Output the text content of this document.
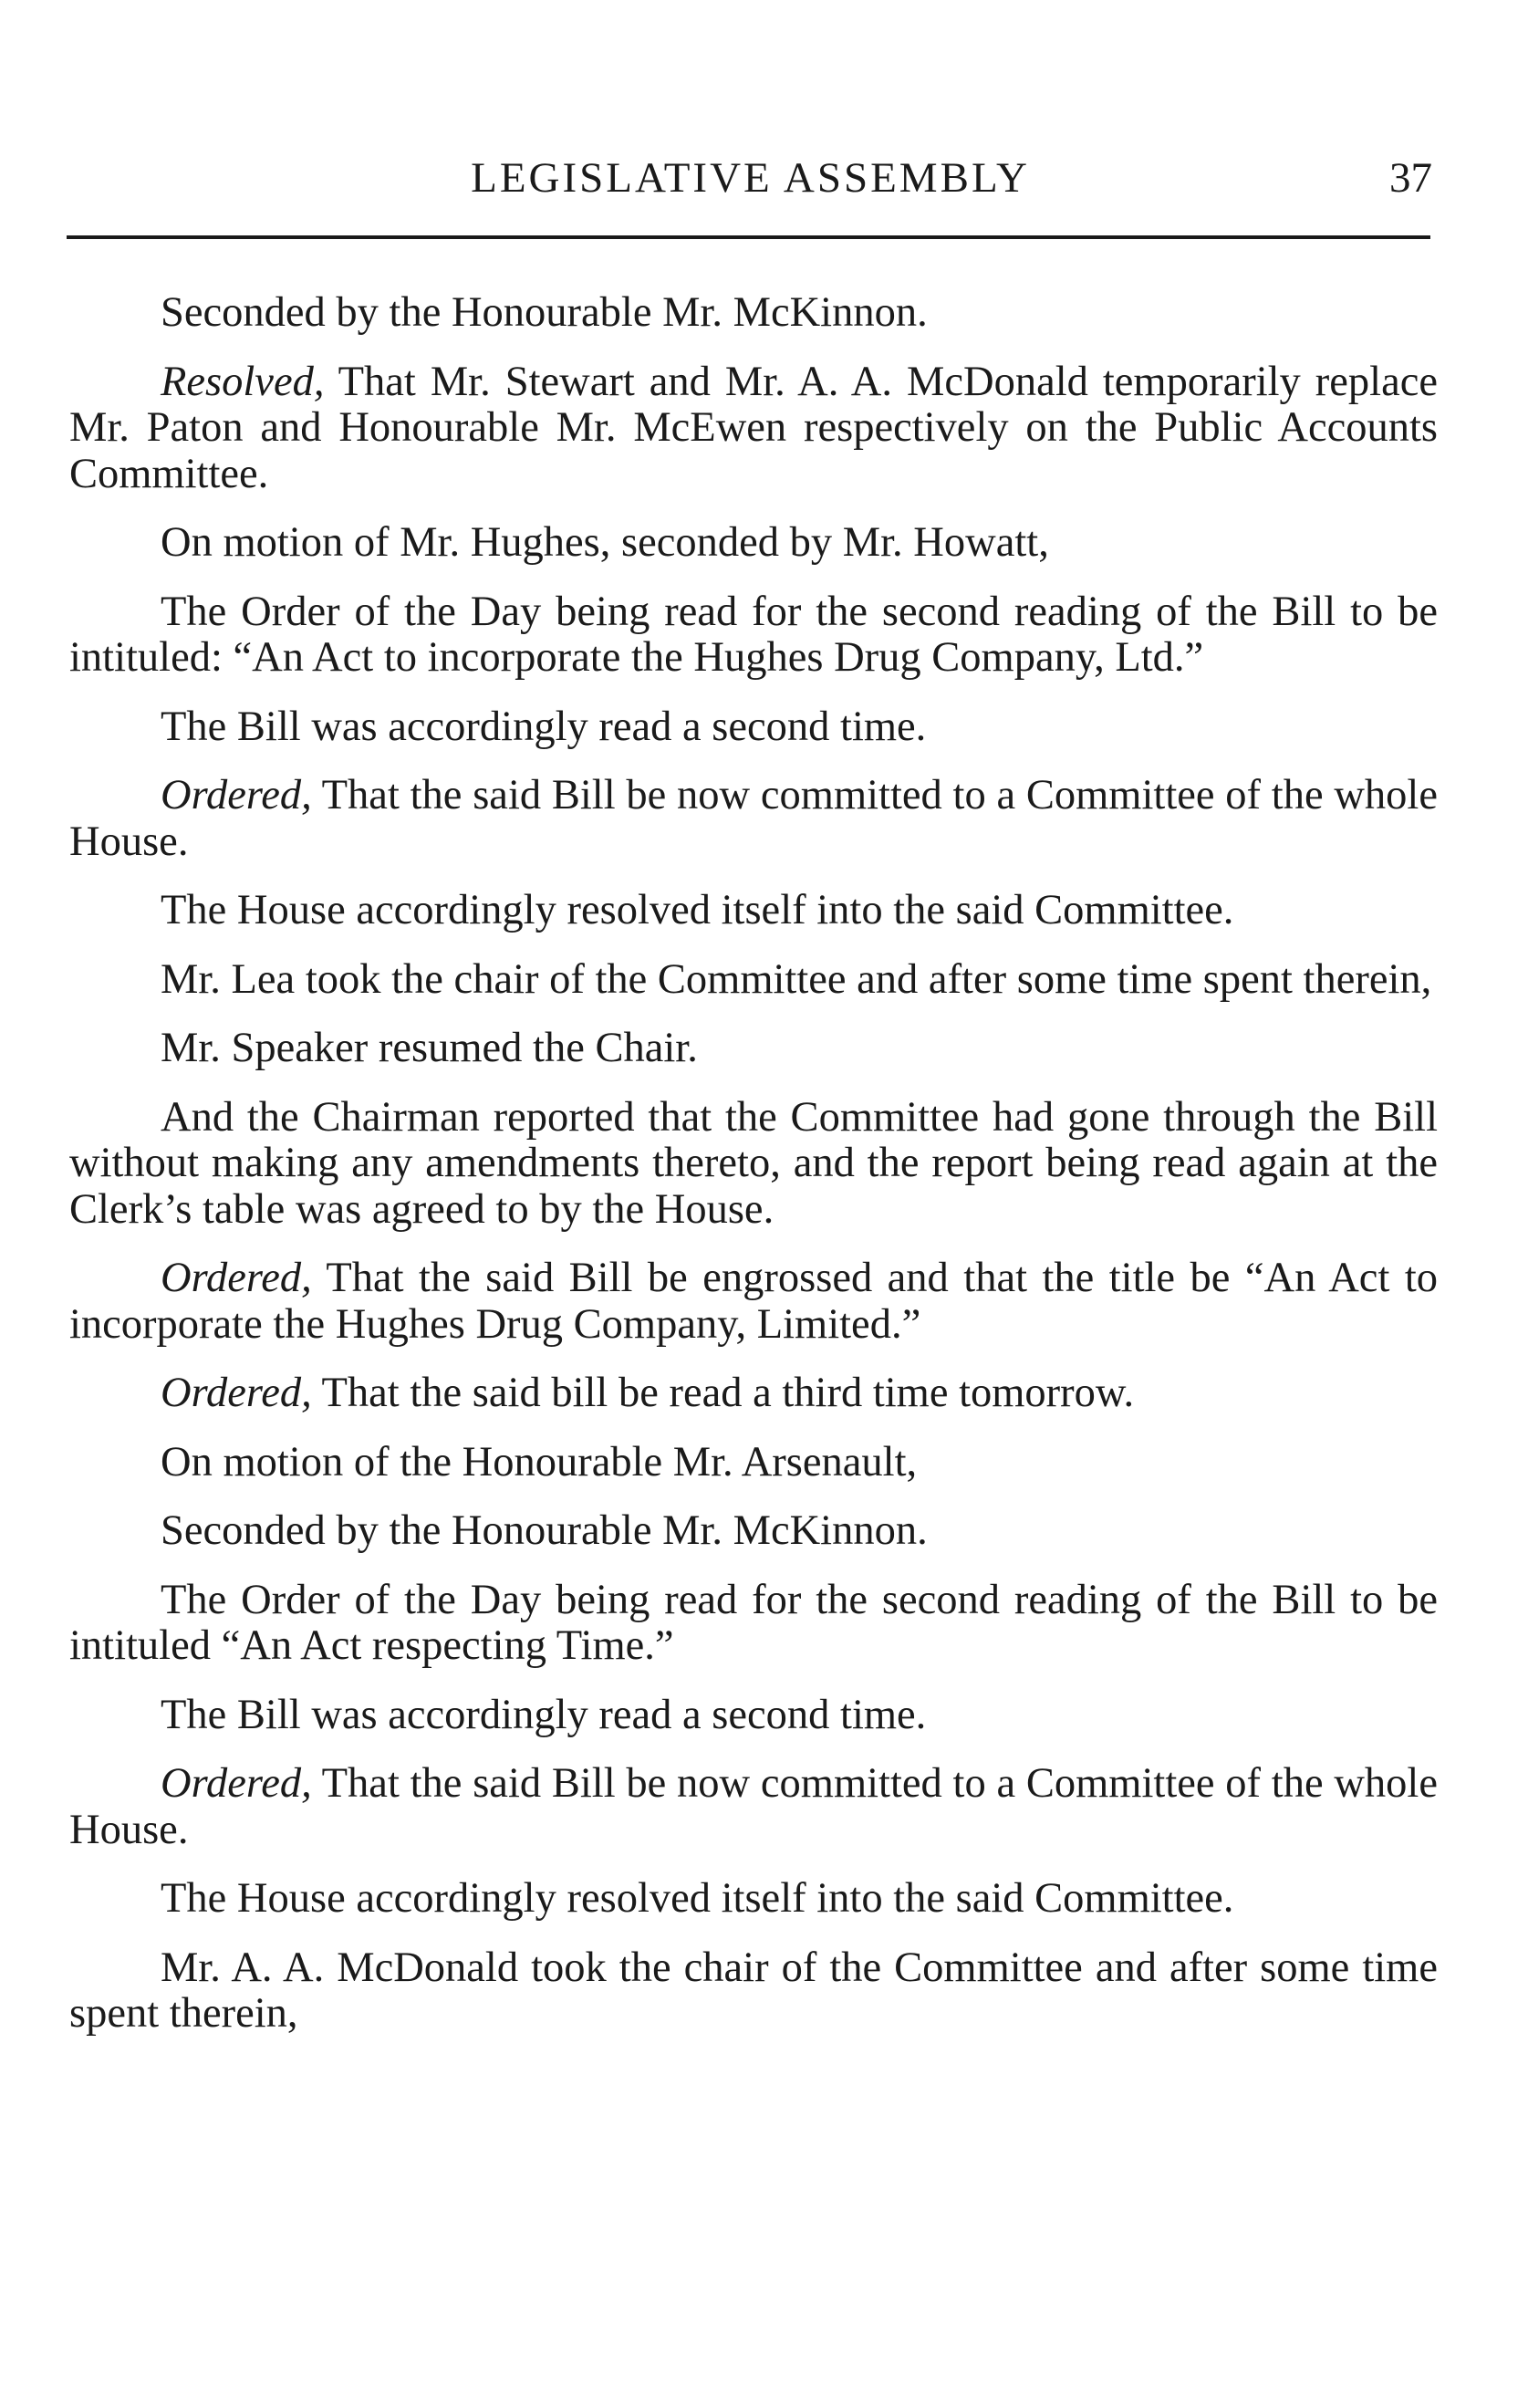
LEGISLATIVE ASSEMBLY	37

Seconded by the Honourable Mr. McKinnon.

Resolved, That Mr. Stewart and Mr. A. A. McDonald temporarily replace Mr. Paton and Honourable Mr. McEwen respectively on the Public Accounts Committee.

On motion of Mr. Hughes, seconded by Mr. Howatt,

The Order of the Day being read for the second reading of the Bill to be intituled: “An Act to incorporate the Hughes Drug Company, Ltd.”

The Bill was accordingly read a second time.

Ordered, That the said Bill be now committed to a Committee of the whole House.

The House accordingly resolved itself into the said Committee.

Mr. Lea took the chair of the Committee and after some time spent therein,

Mr. Speaker resumed the Chair.

And the Chairman reported that the Committee had gone through the Bill without making any amendments thereto, and the report being read again at the Clerk’s table was agreed to by the House.

Ordered, That the said Bill be engrossed and that the title be “An Act to incorporate the Hughes Drug Company, Limited.”

Ordered, That the said bill be read a third time tomorrow.

On motion of the Honourable Mr. Arsenault,

Seconded by the Honourable Mr. McKinnon.

The Order of the Day being read for the second reading of the Bill to be intituled “An Act respecting Time.”

The Bill was accordingly read a second time.

Ordered, That the said Bill be now committed to a Committee of the whole House.

The House accordingly resolved itself into the said Committee.

Mr. A. A. McDonald took the chair of the Committee and after some time spent therein,
